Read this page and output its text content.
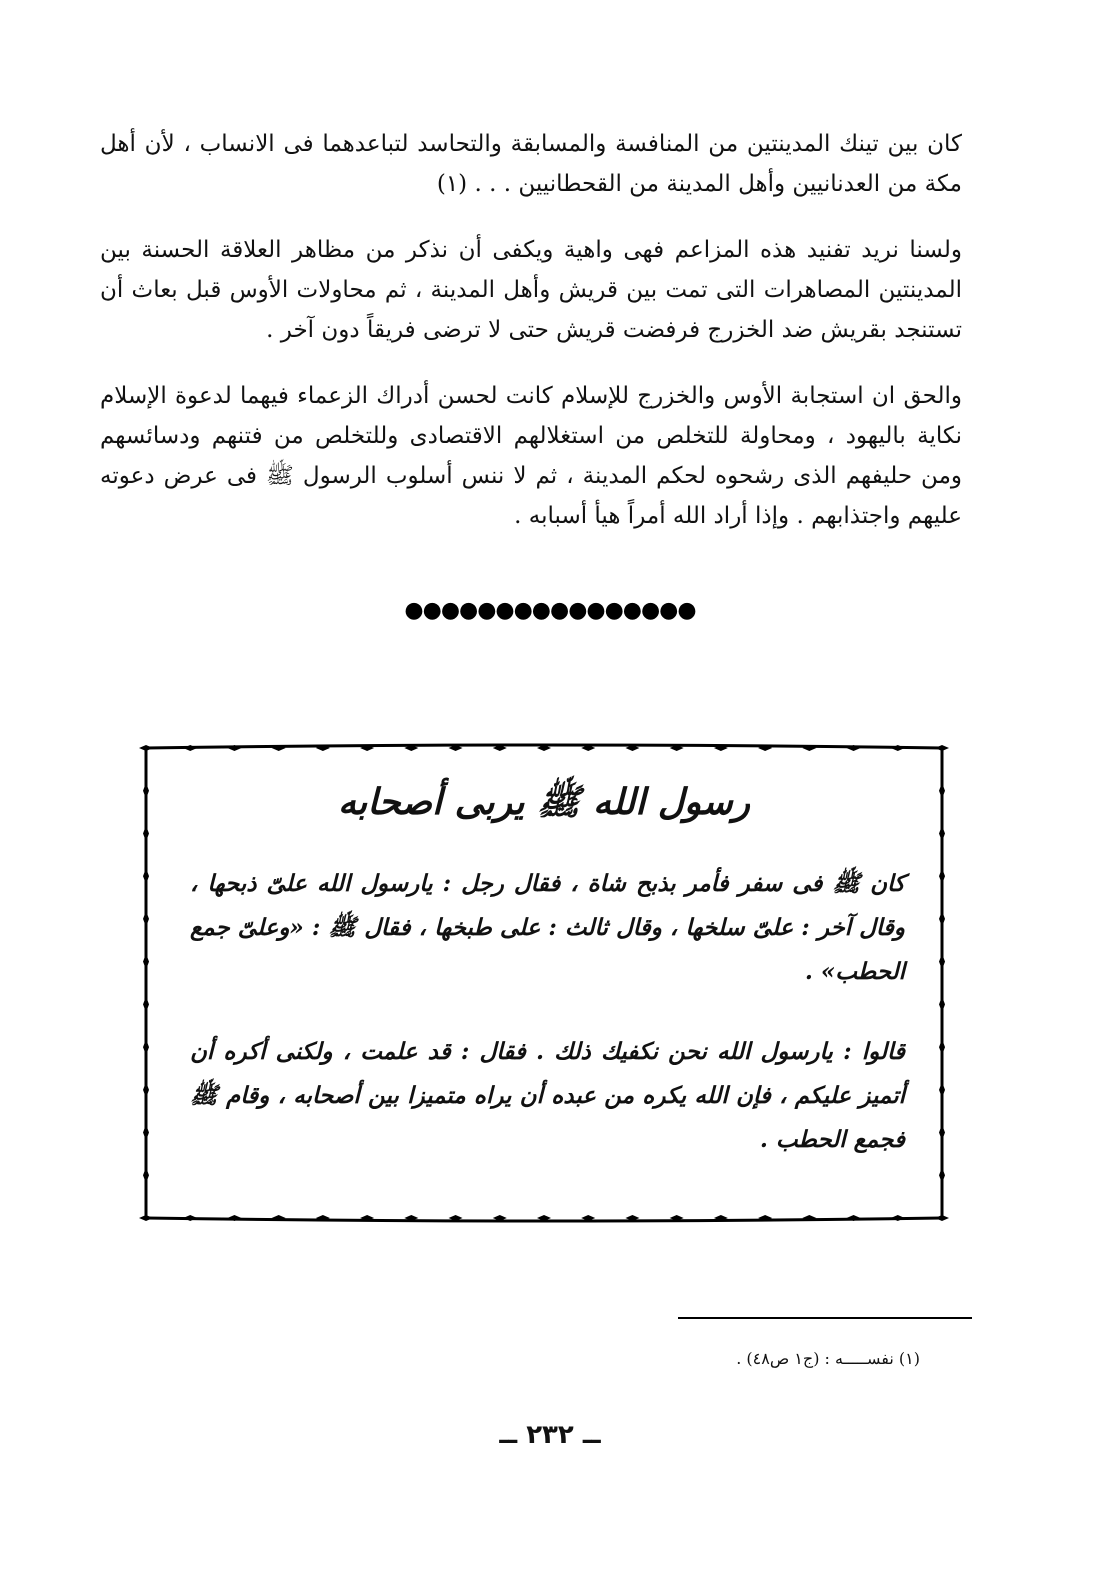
كان بين تينك المدينتين من المنافسة والمسابقة والتحاسد لتباعدهما فى الانساب ، لأن أهل مكة من العدنانيين وأهل المدينة من القحطانيين . . . (١)

ولسنا نريد تفنيد هذه المزاعم فهى واهية ويكفى أن نذكر من مظاهر العلاقة الحسنة بين المدينتين المصاهرات التى تمت بين قريش وأهل المدينة ، ثم محاولات الأوس قبل بعاث أن تستنجد بقريش ضد الخزرج فرفضت قريش حتى لا ترضى فريقاً دون آخر .

والحق ان استجابة الأوس والخزرج للإسلام كانت لحسن أدراك الزعماء فيهما لدعوة الإسلام نكاية باليهود ، ومحاولة للتخلص من استغلالهم الاقتصادى وللتخلص من فتنهم ودسائسهم ومن حليفهم الذى رشحوه لحكم المدينة ، ثم لا ننس أسلوب الرسول ﷺ فى عرض دعوته عليهم واجتذابهم . وإذا أراد الله أمراً هيأ أسبابه .

●●●●●●●●●●●●●●●●
رسول الله ﷺ يربى أصحابه

كان ﷺ فى سفر فأمر بذبح شاة ، فقال رجل : يارسول الله علىّ ذبحها ، وقال آخر : علىّ سلخها ، وقال ثالث : على طبخها ، فقال ﷺ : «وعلىّ جمع الحطب» .

قالوا : يارسول الله نحن نكفيك ذلك . فقال : قد علمت ، ولكنى أكره أن أتميز عليكم ، فإن الله يكره من عبده أن يراه متميزا بين أصحابه ، وقام ﷺ فجمع الحطب .

(١) نفســـــه : (ج١ ص٤٨) .
ــ ٢٣٢ ــ
